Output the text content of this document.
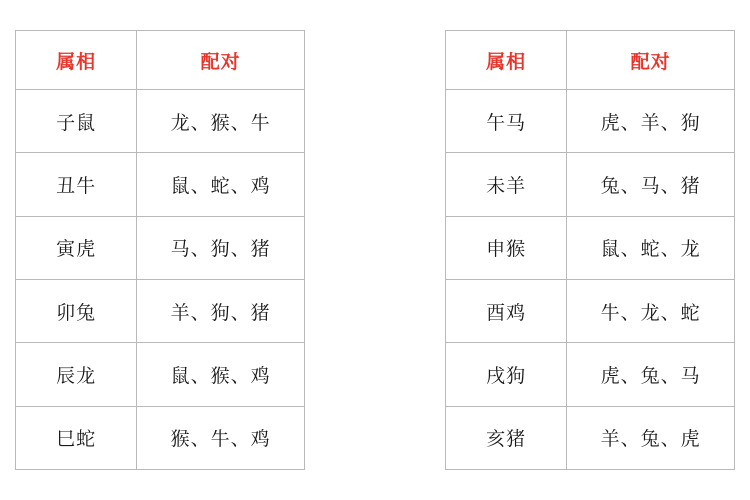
属相	配对
子鼠	龙、猴、牛
丑牛	鼠、蛇、鸡
寅虎	马、狗、猪
卯兔	羊、狗、猪
辰龙	鼠、猴、鸡
巳蛇	猴、牛、鸡
属相	配对
午马	虎、羊、狗
未羊	兔、马、猪
申猴	鼠、蛇、龙
酉鸡	牛、龙、蛇
戌狗	虎、兔、马
亥猪	羊、兔、虎
